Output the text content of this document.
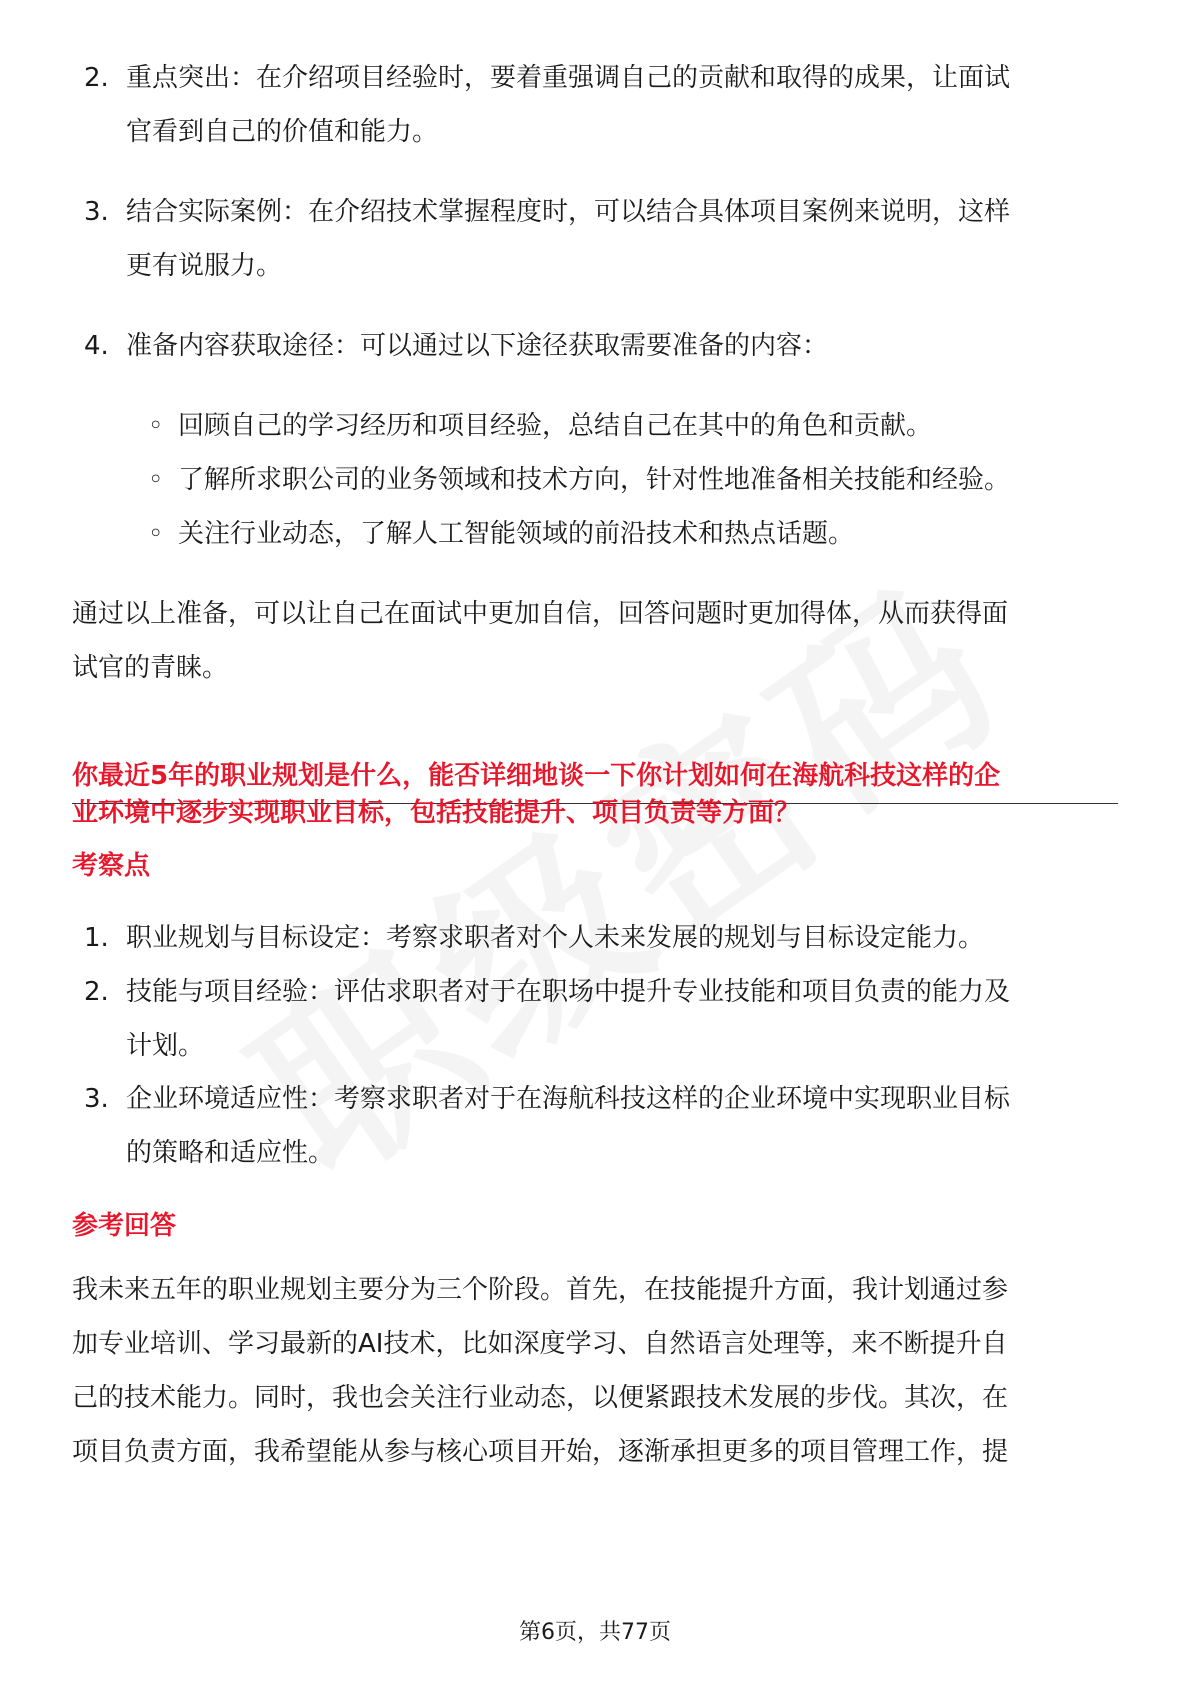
2. 重点突出：在介绍项目经验时，要着重强调自己的贡献和取得的成果，让面试
官看到自己的价值和能力。
3. 结合实际案例：在介绍技术掌握程度时，可以结合具体项目案例来说明，这样
更有说服力。
4. 准备内容获取途径：可以通过以下途径获取需要准备的内容：
◦ 回顾自己的学习经历和项目经验，总结自己在其中的角色和贡献。
◦ 了解所求职公司的业务领域和技术方向，针对性地准备相关技能和经验。
◦ 关注行业动态，了解人工智能领域的前沿技术和热点话题。
通过以上准备，可以让自己在面试中更加自信，回答问题时更加得体，从而获得面
试官的青睐。
你最近5年的职业规划是什么，能否详细地谈一下你计划如何在海航科技这样的企
业环境中逐步实现职业目标，包括技能提升、项目负责等方面？
考察点
1. 职业规划与目标设定：考察求职者对个人未来发展的规划与目标设定能力。
2. 技能与项目经验：评估求职者对于在职场中提升专业技能和项目负责的能力及
计划。
3. 企业环境适应性：考察求职者对于在海航科技这样的企业环境中实现职业目标
的策略和适应性。
参考回答
我未来五年的职业规划主要分为三个阶段。首先，在技能提升方面，我计划通过参
加专业培训、学习最新的AI技术，比如深度学习、自然语言处理等，来不断提升自
己的技术能力。同时，我也会关注行业动态，以便紧跟技术发展的步伐。其次，在
项目负责方面，我希望能从参与核心项目开始，逐渐承担更多的项目管理工作，提
第6页，共77页
